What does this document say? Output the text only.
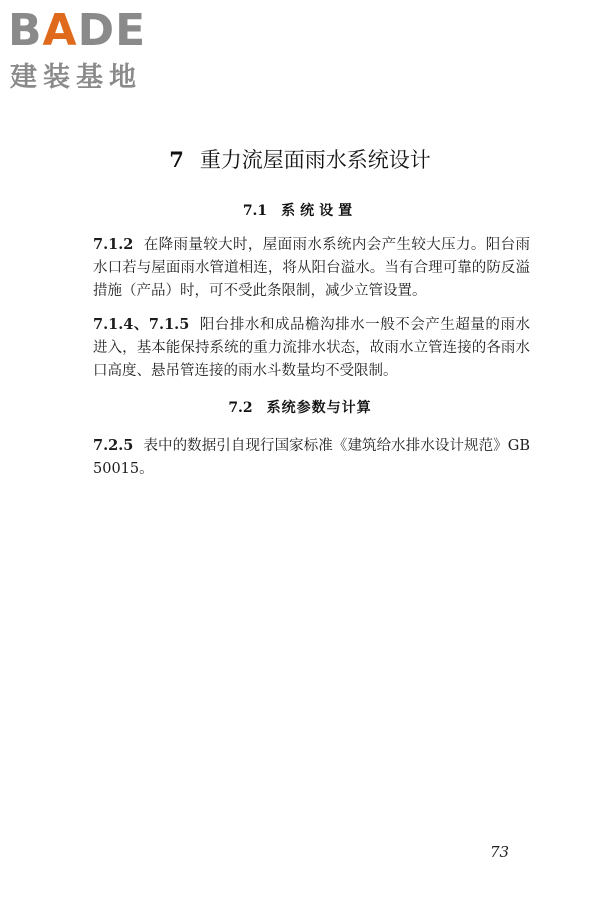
BADE
建装基地
7 重力流屋面雨水系统设计
7.1 系统设置
7.1.2 在降雨量较大时，屋面雨水系统内会产生较大压力。阳台雨水口若与屋面雨水管道相连，将从阳台溢水。当有合理可靠的防反溢措施（产品）时，可不受此条限制，减少立管设置。
7.1.4、7.1.5 阳台排水和成品檐沟排水一般不会产生超量的雨水进入，基本能保持系统的重力流排水状态，故雨水立管连接的各雨水口高度、悬吊管连接的雨水斗数量均不受限制。
7.2 系统参数与计算
7.2.5 表中的数据引自现行国家标准《建筑给水排水设计规范》GB 50015。
73
